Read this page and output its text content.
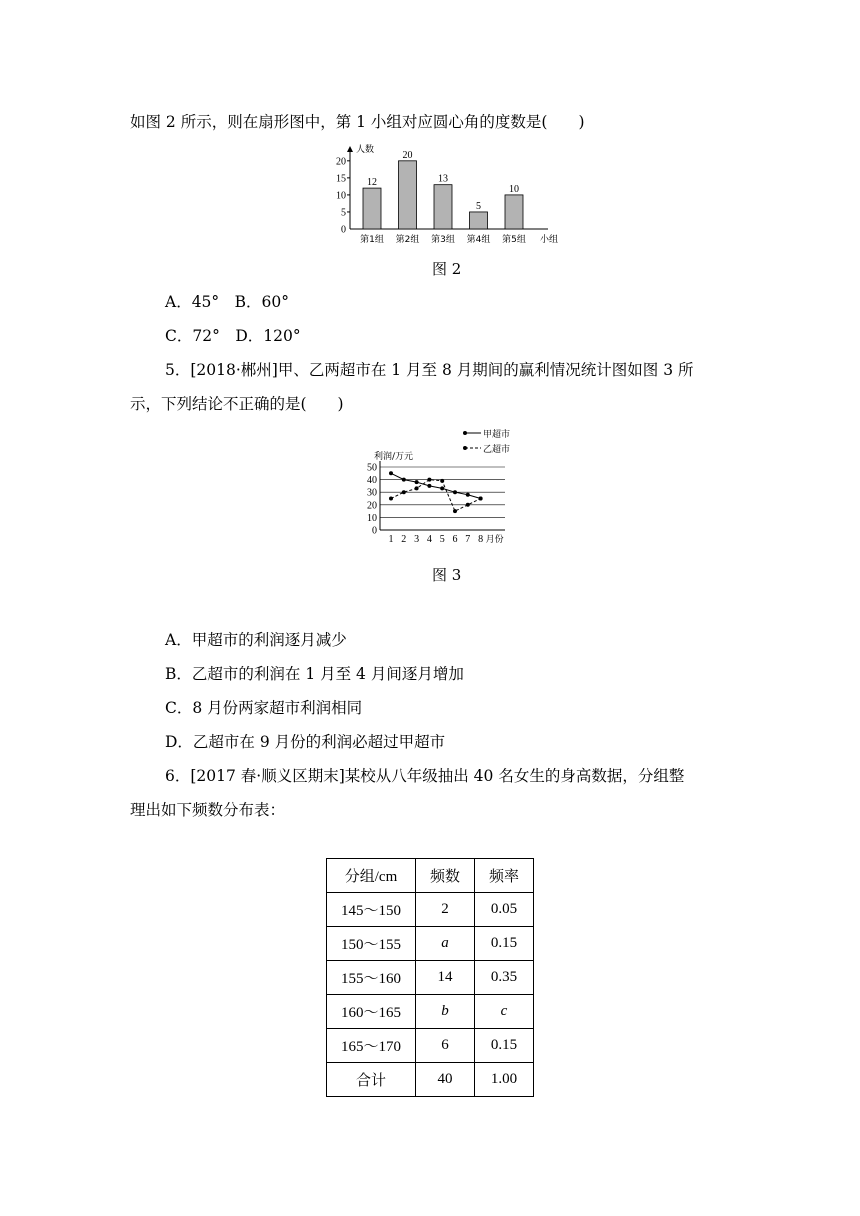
如图 2 所示，则在扇形图中，第 1 小组对应圆心角的度数是(　　)
人数
小组
0
5
10
15
20
12
第1组
20
第2组
13
第3组
5
第4组
10
第5组
图 2
A．45°　B．60°
C．72°　D．120°
5．[2018·郴州]甲、乙两超市在 1 月至 8 月期间的赢利情况统计图如图 3 所
示，下列结论不正确的是(　　)
0
10
20
30
40
50
利润/万元
1 2 3 4 5 6 7 8 月份
甲超市
乙超市
图 3
A．甲超市的利润逐月减少
B．乙超市的利润在 1 月至 4 月间逐月增加
C．8 月份两家超市利润相同
D．乙超市在 9 月份的利润必超过甲超市
6．[2017 春·顺义区期末]某校从八年级抽出 40 名女生的身高数据，分组整
理出如下频数分布表：
分组/cm	频数	频率
145～150	2	0.05
150～155	a	0.15
155～160	14	0.35
160～165	b	c
165～170	6	0.15
合计	40	1.00
